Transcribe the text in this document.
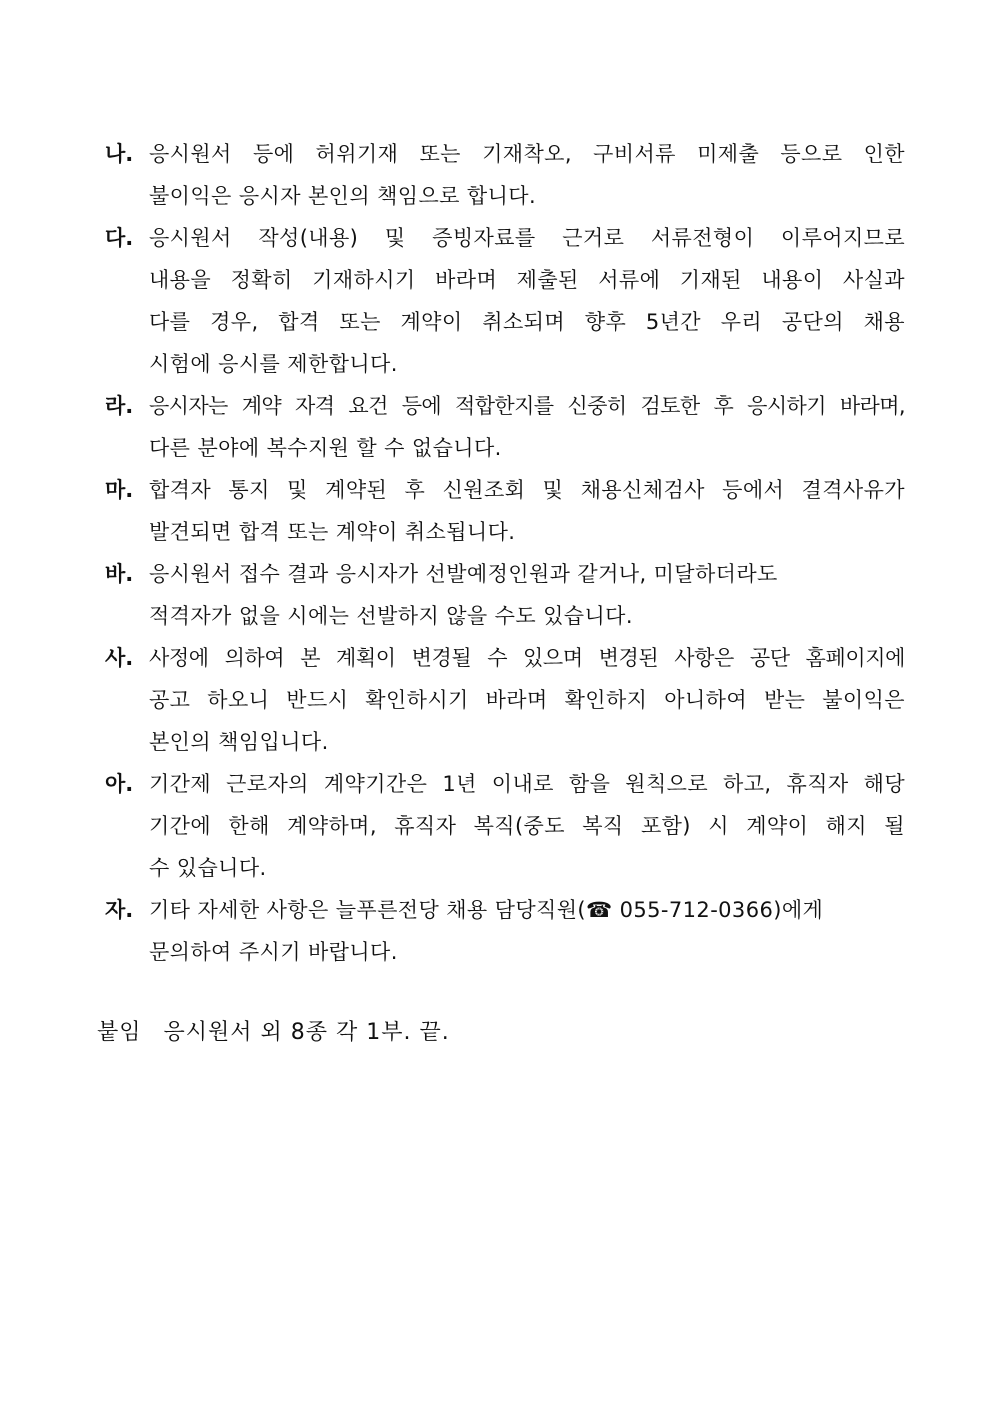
나. 응시원서 등에 허위기재 또는 기재착오, 구비서류 미제출 등으로 인한
불이익은 응시자 본인의 책임으로 합니다.
다. 응시원서 작성(내용) 및 증빙자료를 근거로 서류전형이 이루어지므로
내용을 정확히 기재하시기 바라며 제출된 서류에 기재된 내용이 사실과
다를 경우, 합격 또는 계약이 취소되며 향후 5년간 우리 공단의 채용
시험에 응시를 제한합니다.
라. 응시자는 계약 자격 요건 등에 적합한지를 신중히 검토한 후 응시하기 바라며,
다른 분야에 복수지원 할 수 없습니다.
마. 합격자 통지 및 계약된 후 신원조회 및 채용신체검사 등에서 결격사유가
발견되면 합격 또는 계약이 취소됩니다.
바. 응시원서 접수 결과 응시자가 선발예정인원과 같거나, 미달하더라도
적격자가 없을 시에는 선발하지 않을 수도 있습니다.
사. 사정에 의하여 본 계획이 변경될 수 있으며 변경된 사항은 공단 홈페이지에
공고 하오니 반드시 확인하시기 바라며 확인하지 아니하여 받는 불이익은
본인의 책임입니다.
아. 기간제 근로자의 계약기간은 1년 이내로 함을 원칙으로 하고, 휴직자 해당
기간에 한해 계약하며, 휴직자 복직(중도 복직 포함) 시 계약이 해지 될
수 있습니다.
자. 기타 자세한 사항은 늘푸른전당 채용 담당직원(☎ 055-712-0366)에게
문의하여 주시기 바랍니다.
붙임 응시원서 외 8종 각 1부. 끝.
